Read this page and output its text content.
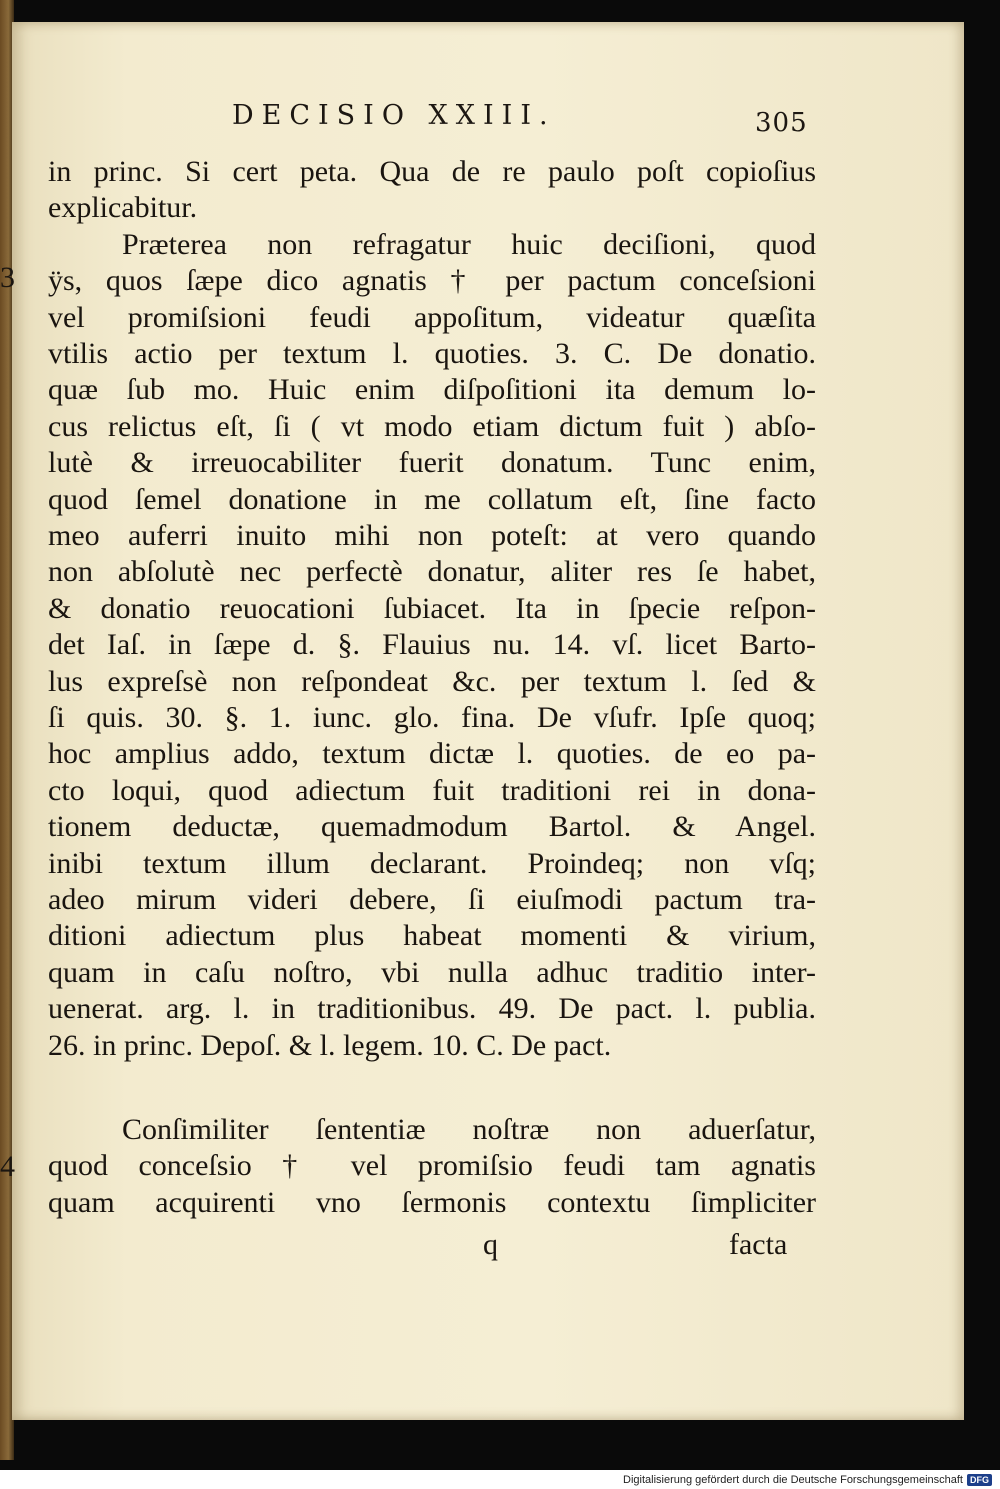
DECISIO XXIII.	305
in princ. Si cert peta. Qua de re paulo poſt copioſius
explicabitur.
Præterea non refragatur huic deciſioni, quod
ÿs, quos ſæpe dico agnatis † per pactum conceſsioni
vel promiſsioni feudi appoſitum, videatur quæſita
vtilis actio per textum l. quoties. 3. C. De donatio.
quæ ſub mo. Huic enim diſpoſitioni ita demum lo-
cus relictus eſt, ſi ( vt modo etiam dictum fuit ) abſo-
lutè & irreuocabiliter fuerit donatum. Tunc enim,
quod ſemel donatione in me collatum eſt, ſine facto
meo auferri inuito mihi non poteſt: at vero quando
non abſolutè nec perfectè donatur, aliter res ſe habet,
& donatio reuocationi ſubiacet. Ita in ſpecie reſpon-
det Iaſ. in ſæpe d. §. Flauius nu. 14. vſ. licet Barto-
lus expreſsè non reſpondeat &c. per textum l. ſed &
ſi quis. 30. §. 1. iunc. glo. fina. De vſufr. Ipſe quoq;
hoc amplius addo, textum dictæ l. quoties. de eo pa-
cto loqui, quod adiectum fuit traditioni rei in dona-
tionem deductæ, quemadmodum Bartol. & Angel.
inibi textum illum declarant. Proindeq; non vſq;
adeo mirum videri debere, ſi eiuſmodi pactum tra-
ditioni adiectum plus habeat momenti & virium,
quam in caſu noſtro, vbi nulla adhuc traditio inter-
uenerat. arg. l. in traditionibus. 49. De pact. l. publia.
26. in princ. Depoſ. & l. legem. 10. C. De pact.
Conſimiliter ſententiæ noſtræ non aduerſatur,
quod conceſsio † vel promiſsio feudi tam agnatis
quam acquirenti vno ſermonis contextu ſimpliciter
3
4
q	facta
Digitalisierung gefördert durch die Deutsche Forschungsgemeinschaft DFG
